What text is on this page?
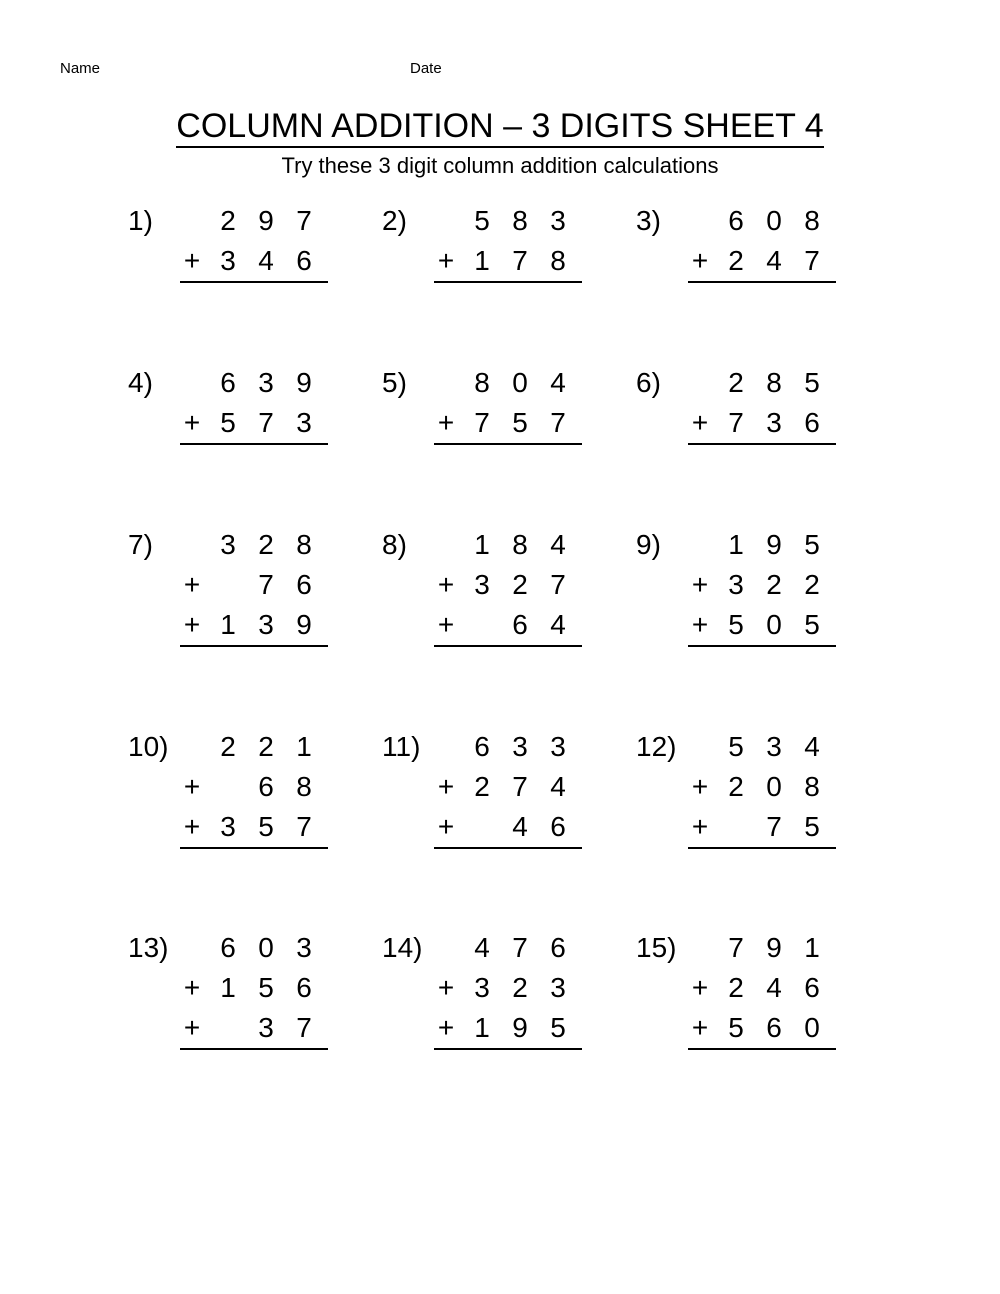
Name	Date
COLUMN ADDITION – 3 DIGITS SHEET 4
Try these 3 digit column addition calculations
1) 2 9 7
+ 3 4 6
2) 5 8 3
+ 1 7 8
3) 6 0 8
+ 2 4 7
4) 6 3 9
+ 5 7 3
5) 8 0 4
+ 7 5 7
6) 2 8 5
+ 7 3 6
7) 3 2 8
+ 7 6
+ 1 3 9
8) 1 8 4
+ 3 2 7
+ 6 4
9) 1 9 5
+ 3 2 2
+ 5 0 5
10) 2 2 1
+ 6 8
+ 3 5 7
11) 6 3 3
+ 2 7 4
+ 4 6
12) 5 3 4
+ 2 0 8
+ 7 5
13) 6 0 3
+ 1 5 6
+ 3 7
14) 4 7 6
+ 3 2 3
+ 1 9 5
15) 7 9 1
+ 2 4 6
+ 5 6 0
